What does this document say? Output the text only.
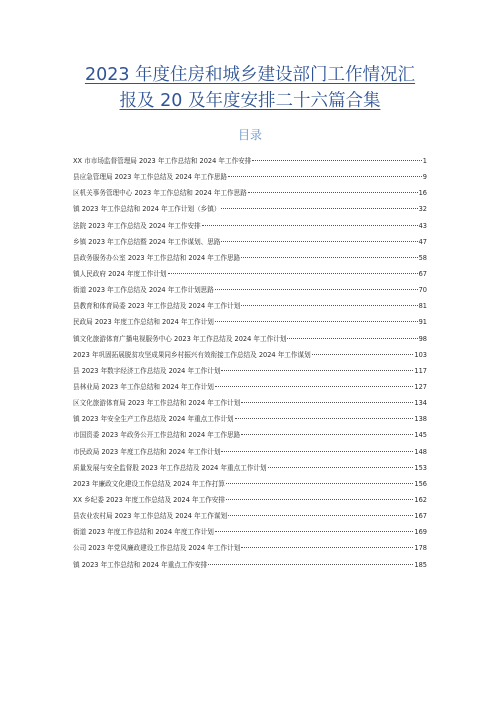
2023 年度住房和城乡建设部门工作情况汇
报及 20 及年度安排二十六篇合集
目录
XX 市市场监督管理局 2023 年工作总结和 2024 年工作安排	1
县应急管理局 2023 年工作总结及 2024 年工作思路	9
区机关事务管理中心 2023 年工作总结和 2024 年工作思路	16
镇 2023 年工作总结和 2024 年工作计划（乡镇）	32
法院 2023 年工作总结及 2024 年工作安排	43
乡镇 2023 年工作总结暨 2024 年工作谋划、思路	47
县政务服务办公室 2023 年工作总结和 2024 年工作思路	58
镇人民政府 2024 年度工作计划	67
街道 2023 年工作总结及 2024 年工作计划思路	70
县教育和体育局委 2023 年工作总结及 2024 年工作计划	81
民政局 2023 年度工作总结和 2024 年工作计划	91
镇文化旅游体育广播电视服务中心 2023 年工作总结及 2024 年工作计划	98
2023 年巩固拓展脱贫攻坚成果同乡村振兴有效衔接工作总结及 2024 年工作谋划	103
县 2023 年数字经济工作总结及 2024 年工作计划	117
县林业局 2023 年工作总结和 2024 年工作计划	127
区文化旅游体育局 2023 年工作总结和 2024 年工作计划	134
镇 2023 年安全生产工作总结及 2024 年重点工作计划	138
市国资委 2023 年政务公开工作总结和 2024 年工作思路	145
市民政局 2023 年度工作总结和 2024 年工作计划	148
质量发展与安全监督股 2023 年工作总结及 2024 年重点工作计划	153
2023 年廉政文化建设工作总结及 2024 年工作打算	156
XX 乡纪委 2023 年度工作总结及 2024 年工作安排	162
县农业农村局 2023 年工作总结及 2024 年工作谋划	167
街道 2023 年度工作总结和 2024 年度工作计划	169
公司 2023 年党风廉政建设工作总结及 2024 年工作计划	178
镇 2023 年工作总结和 2024 年重点工作安排	185
